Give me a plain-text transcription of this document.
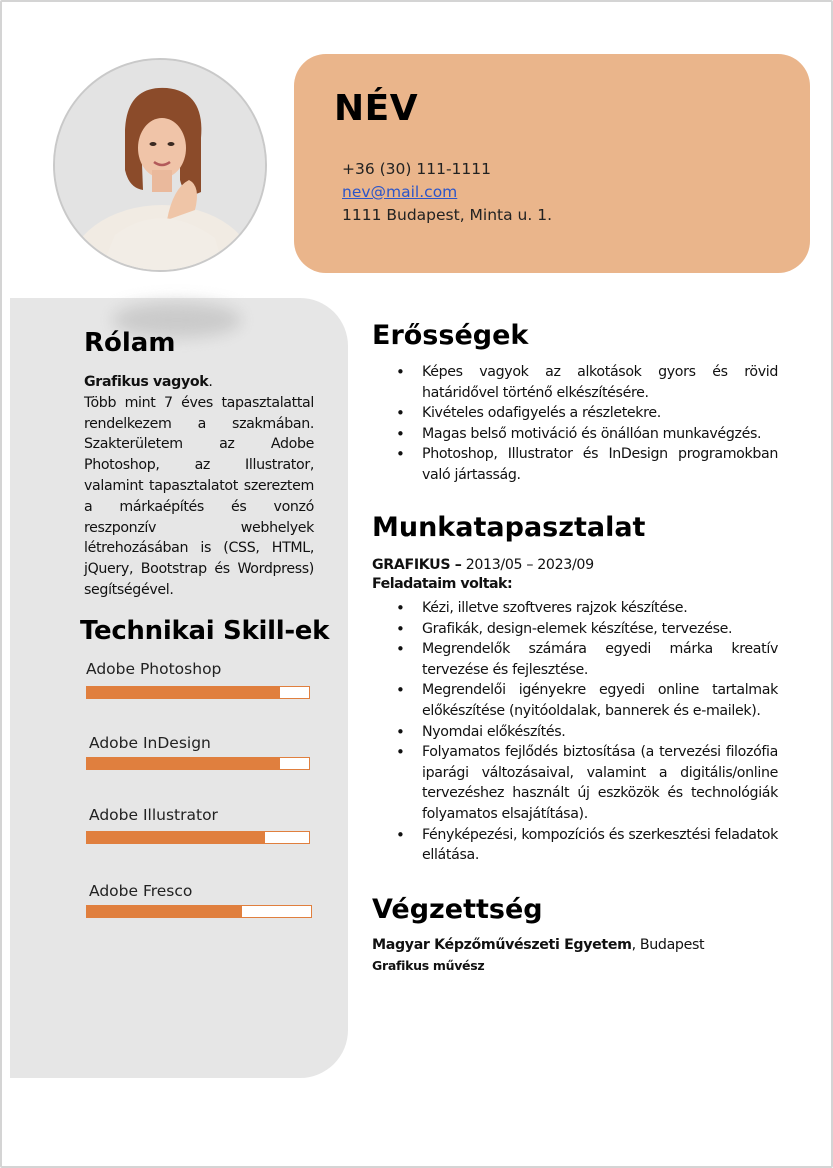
NÉV
+36 (30) 111-1111
nev@mail.com
1111 Budapest, Minta u. 1.
Rólam
Grafikus vagyok.
Több mint 7 éves tapasztalattal rendelkezem a szakmában. Szakterületem az Adobe Photoshop, az Illustrator, valamint tapasztalatot szereztem a márkaépítés és vonzó reszponzív webhelyek létrehozásában is (CSS, HTML, jQuery, Bootstrap és Wordpress) segítségével.
Technikai Skill-ek
Adobe Photoshop
Adobe InDesign
Adobe Illustrator
Adobe Fresco
Erősségek
• Képes vagyok az alkotások gyors és rövid határidővel történő elkészítésére.
• Kivételes odafigyelés a részletekre.
• Magas belső motiváció és önállóan munkavégzés.
• Photoshop, Illustrator és InDesign programokban való jártasság.
Munkatapasztalat
GRAFIKUS – 2013/05 – 2023/09
Feladataim voltak:
• Kézi, illetve szoftveres rajzok készítése.
• Grafikák, design-elemek készítése, tervezése.
• Megrendelők számára egyedi márka kreatív tervezése és fejlesztése.
• Megrendelői igényekre egyedi online tartalmak előkészítése (nyitóoldalak, bannerek és e-mailek).
• Nyomdai előkészítés.
• Folyamatos fejlődés biztosítása (a tervezési filozófia iparági változásaival, valamint a digitális/online tervezéshez használt új eszközök és technológiák folyamatos elsajátítása).
• Fényképezési, kompozíciós és szerkesztési feladatok ellátása.
Végzettség
Magyar Képzőművészeti Egyetem, Budapest
Grafikus művész
